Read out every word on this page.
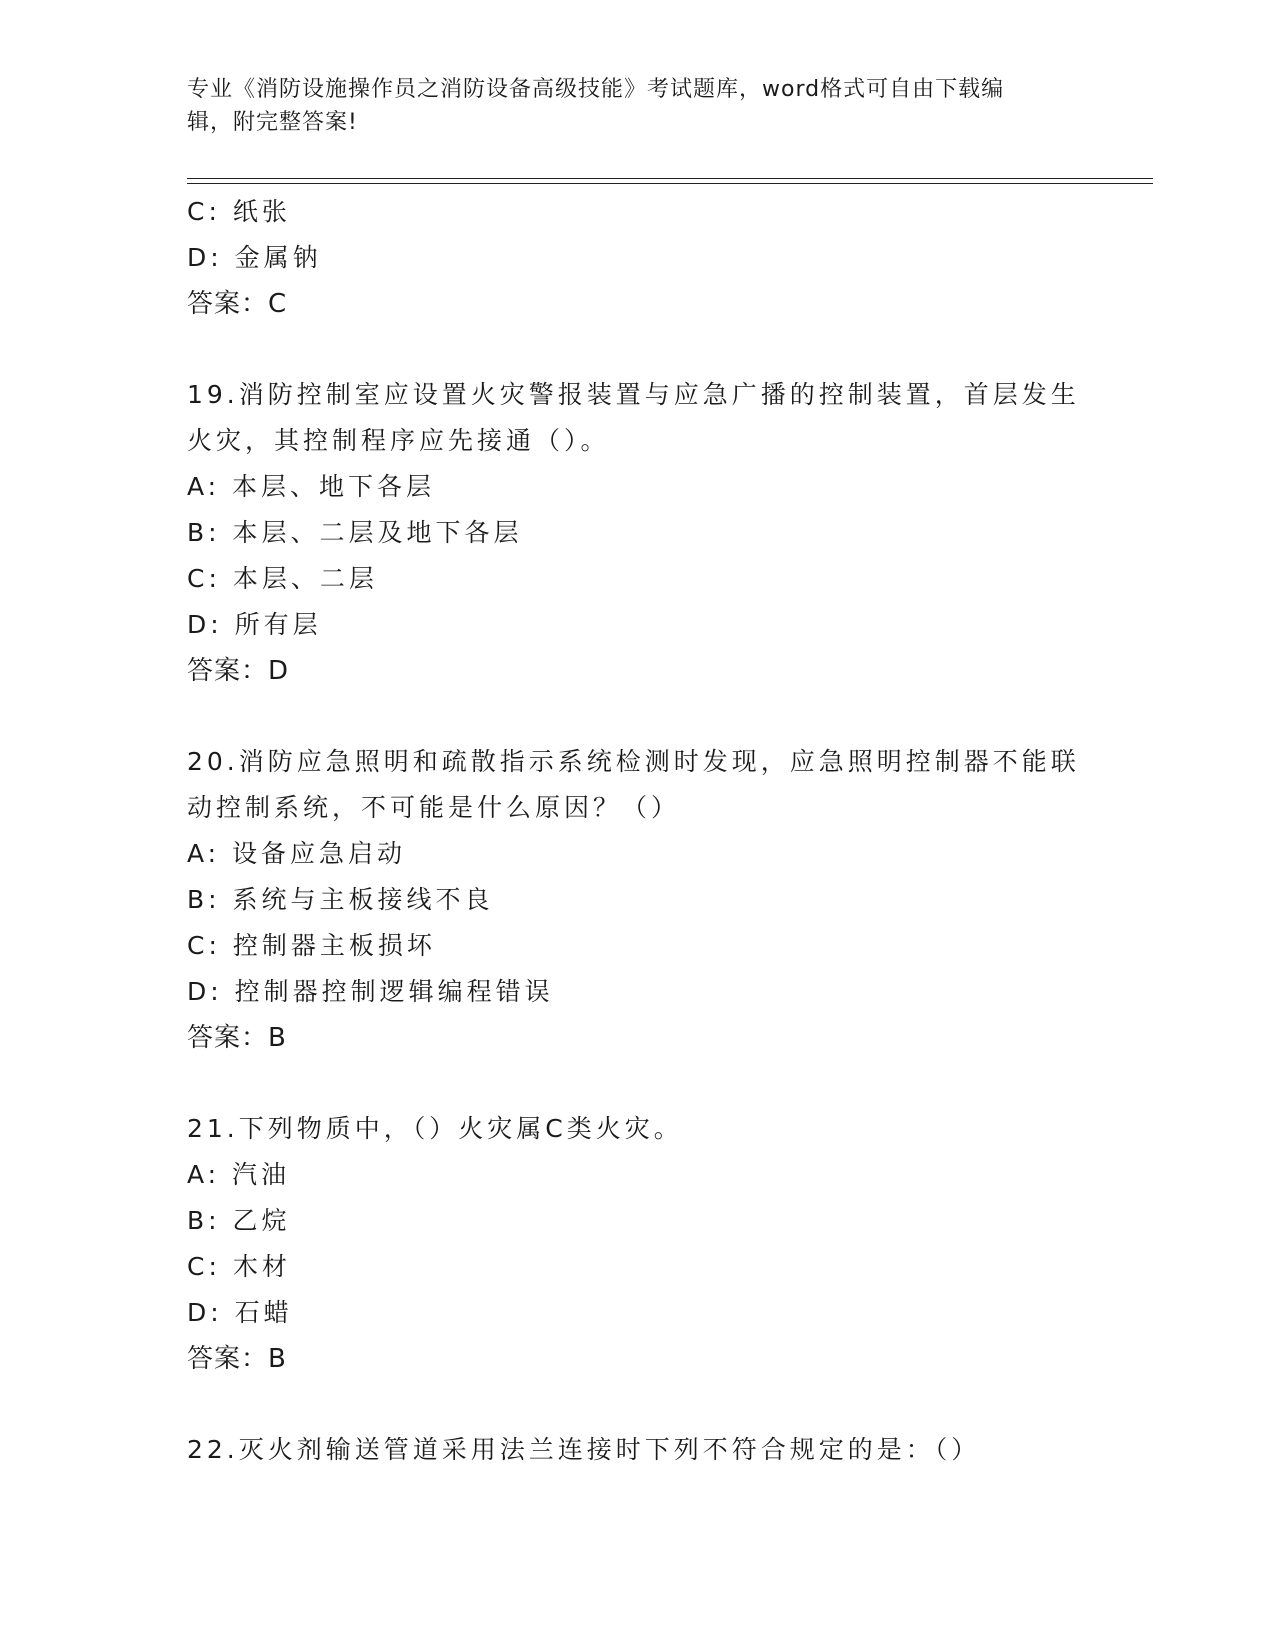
专业《消防设施操作员之消防设备高级技能》考试题库，word格式可自由下载编
辑，附完整答案!
C: 纸张
D: 金属钠
答案：C
19.消防控制室应设置火灾警报装置与应急广播的控制装置，首层发生
火灾，其控制程序应先接通（）。
A: 本层、地下各层
B: 本层、二层及地下各层
C: 本层、二层
D: 所有层
答案：D
20.消防应急照明和疏散指示系统检测时发现，应急照明控制器不能联
动控制系统，不可能是什么原因？（）
A: 设备应急启动
B: 系统与主板接线不良
C: 控制器主板损坏
D: 控制器控制逻辑编程错误
答案：B
21.下列物质中，（）火灾属C类火灾。
A: 汽油
B: 乙烷
C: 木材
D: 石蜡
答案：B
22.灭火剂输送管道采用法兰连接时下列不符合规定的是：（）
